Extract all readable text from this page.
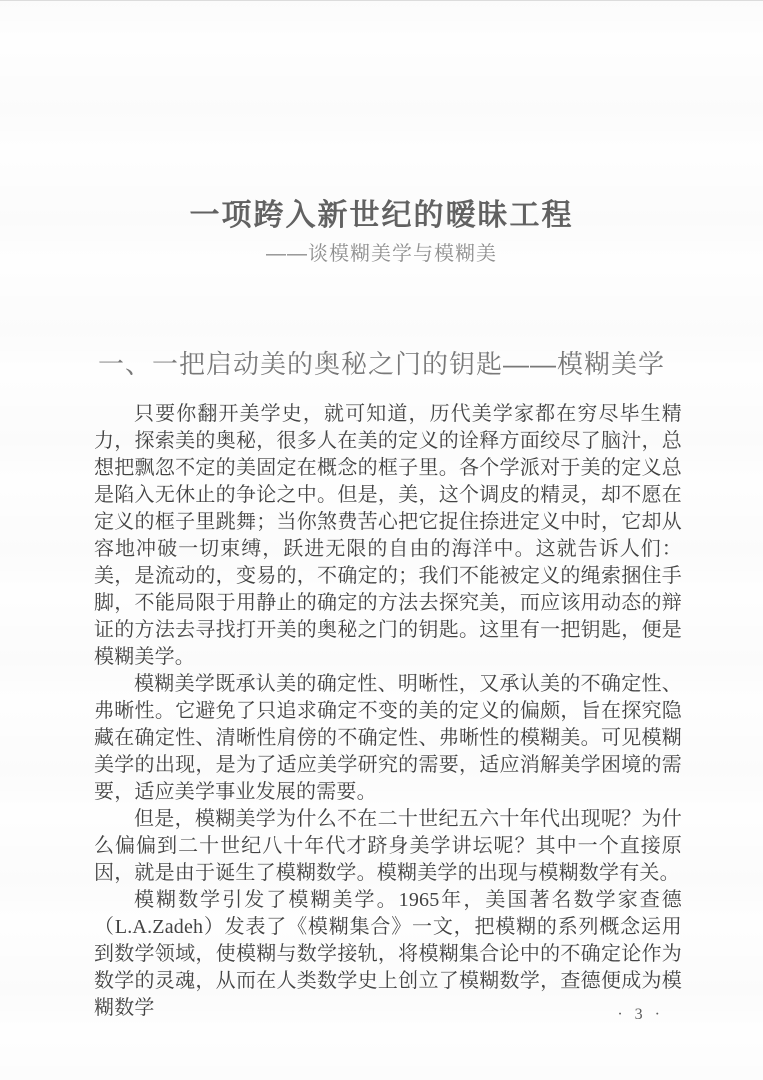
一项跨入新世纪的暧昧工程
——谈模糊美学与模糊美
一、一把启动美的奥秘之门的钥匙——模糊美学

只要你翻开美学史，就可知道，历代美学家都在穷尽毕生精力，探索美的奥秘，很多人在美的定义的诠释方面绞尽了脑汁，总想把飘忽不定的美固定在概念的框子里。各个学派对于美的定义总是陷入无休止的争论之中。但是，美，这个调皮的精灵，却不愿在定义的框子里跳舞；当你煞费苦心把它捉住捺进定义中时，它却从容地冲破一切束缚，跃进无限的自由的海洋中。这就告诉人们：美，是流动的，变易的，不确定的；我们不能被定义的绳索捆住手脚，不能局限于用静止的确定的方法去探究美，而应该用动态的辩证的方法去寻找打开美的奥秘之门的钥匙。这里有一把钥匙，便是模糊美学。

模糊美学既承认美的确定性、明晰性，又承认美的不确定性、弗晰性。它避免了只追求确定不变的美的定义的偏颇，旨在探究隐藏在确定性、清晰性肩傍的不确定性、弗晰性的模糊美。可见模糊美学的出现，是为了适应美学研究的需要，适应消解美学困境的需要，适应美学事业发展的需要。

但是，模糊美学为什么不在二十世纪五六十年代出现呢？为什么偏偏到二十世纪八十年代才跻身美学讲坛呢？其中一个直接原因，就是由于诞生了模糊数学。模糊美学的出现与模糊数学有关。

模糊数学引发了模糊美学。1965年，美国著名数学家查德（L.A.Zadeh）发表了《模糊集合》一文，把模糊的系列概念运用到数学领域，使模糊与数学接轨，将模糊集合论中的不确定论作为数学的灵魂，从而在人类数学史上创立了模糊数学，查德便成为模糊数学	· 3 ·
